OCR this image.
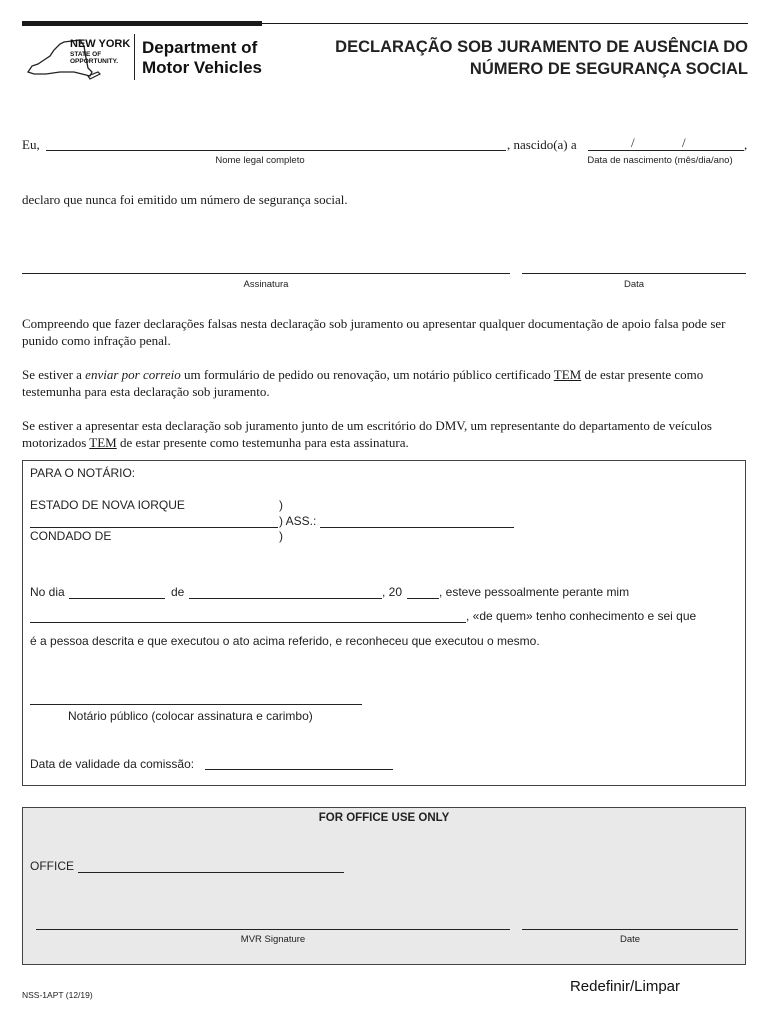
NEW YORK
STATE OF
OPPORTUNITY.
Department of
Motor Vehicles
DECLARAÇÃO SOB JURAMENTO DE AUSÊNCIA DO
NÚMERO DE SEGURANÇA SOCIAL
Eu,	, nascido(a) a	/	/	,
Nome legal completo	Data de nascimento (mês/dia/ano)
declaro que nunca foi emitido um número de segurança social.
Assinatura	Data
Compreendo que fazer declarações falsas nesta declaração sob juramento ou apresentar qualquer documentação de apoio falsa pode ser punido como infração penal.
Se estiver a enviar por correio um formulário de pedido ou renovação, um notário público certificado TEM de estar presente como testemunha para esta declaração sob juramento.
Se estiver a apresentar esta declaração sob juramento junto de um escritório do DMV, um representante do departamento de veículos motorizados TEM de estar presente como testemunha para esta assinatura.
PARA O NOTÁRIO:
ESTADO DE NOVA IORQUE	)
) ASS.:
CONDADO DE	)
No dia	de	, 20	, esteve pessoalmente perante mim
, «de quem» tenho conhecimento e sei que
é a pessoa descrita e que executou o ato acima referido, e reconheceu que executou o mesmo.
Notário público (colocar assinatura e carimbo)
Data de validade da comissão:
FOR OFFICE USE ONLY
OFFICE
MVR Signature	Date
NSS-1APT (12/19)	Redefinir/Limpar
